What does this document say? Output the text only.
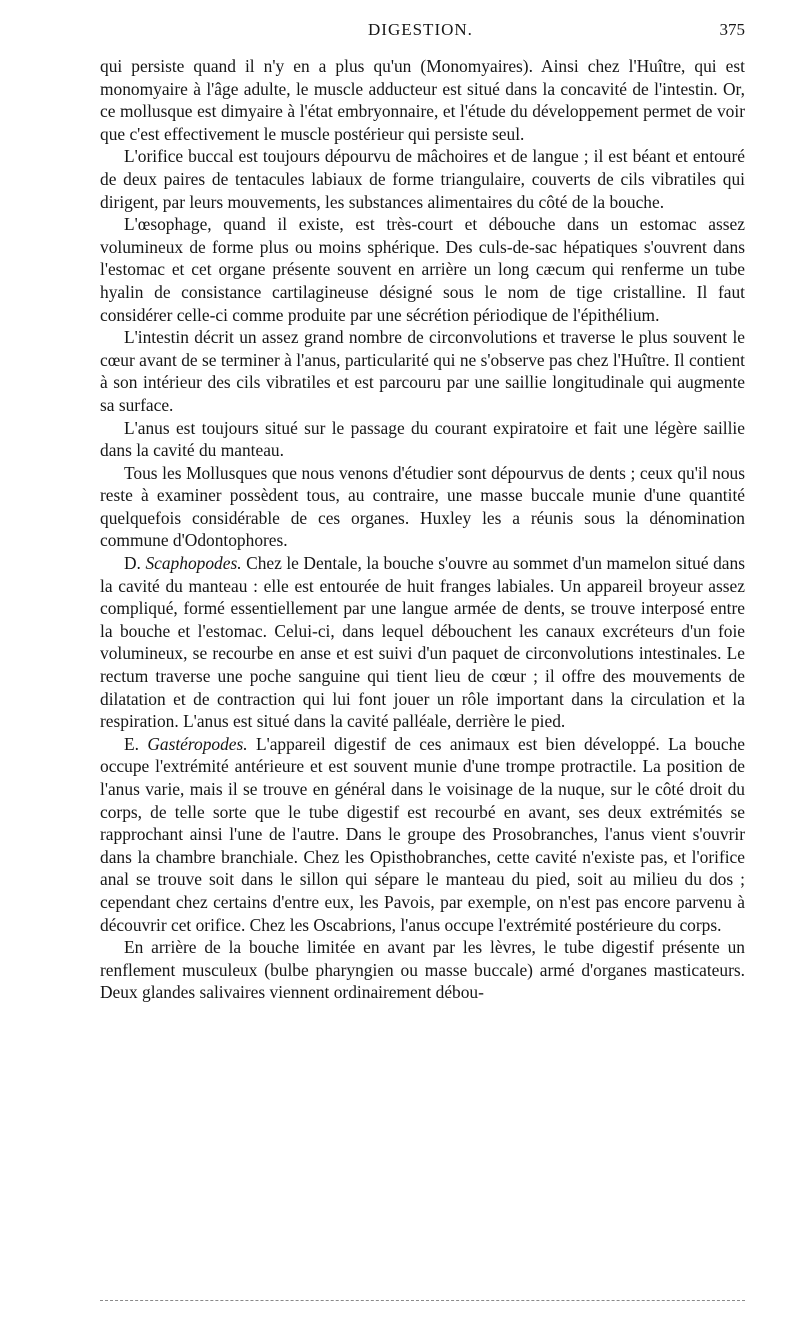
DIGESTION.	375

qui persiste quand il n'y en a plus qu'un (Monomyaires). Ainsi chez l'Huître, qui est monomyaire à l'âge adulte, le muscle adducteur est situé dans la concavité de l'intestin. Or, ce mollusque est dimyaire à l'état embryonnaire, et l'étude du développement permet de voir que c'est effectivement le muscle postérieur qui persiste seul.

L'orifice buccal est toujours dépourvu de mâchoires et de langue ; il est béant et entouré de deux paires de tentacules labiaux de forme triangulaire, couverts de cils vibratiles qui dirigent, par leurs mouvements, les substances alimentaires du côté de la bouche.

L'œsophage, quand il existe, est très-court et débouche dans un estomac assez volumineux de forme plus ou moins sphérique. Des culs-de-sac hépatiques s'ouvrent dans l'estomac et cet organe présente souvent en arrière un long cæcum qui renferme un tube hyalin de consistance cartilagineuse désigné sous le nom de tige cristalline. Il faut considérer celle-ci comme produite par une sécrétion périodique de l'épithélium.

L'intestin décrit un assez grand nombre de circonvolutions et traverse le plus souvent le cœur avant de se terminer à l'anus, particularité qui ne s'observe pas chez l'Huître. Il contient à son intérieur des cils vibratiles et est parcouru par une saillie longitudinale qui augmente sa surface.

L'anus est toujours situé sur le passage du courant expiratoire et fait une légère saillie dans la cavité du manteau.

Tous les Mollusques que nous venons d'étudier sont dépourvus de dents ; ceux qu'il nous reste à examiner possèdent tous, au contraire, une masse buccale munie d'une quantité quelquefois considérable de ces organes. Huxley les a réunis sous la dénomination commune d'Odontophores.

D. Scaphopodes. Chez le Dentale, la bouche s'ouvre au sommet d'un mamelon situé dans la cavité du manteau : elle est entourée de huit franges labiales. Un appareil broyeur assez compliqué, formé essentiellement par une langue armée de dents, se trouve interposé entre la bouche et l'estomac. Celui-ci, dans lequel débouchent les canaux excréteurs d'un foie volumineux, se recourbe en anse et est suivi d'un paquet de circonvolutions intestinales. Le rectum traverse une poche sanguine qui tient lieu de cœur ; il offre des mouvements de dilatation et de contraction qui lui font jouer un rôle important dans la circulation et la respiration. L'anus est situé dans la cavité palléale, derrière le pied.

E. Gastéropodes. L'appareil digestif de ces animaux est bien développé. La bouche occupe l'extrémité antérieure et est souvent munie d'une trompe protractile. La position de l'anus varie, mais il se trouve en général dans le voisinage de la nuque, sur le côté droit du corps, de telle sorte que le tube digestif est recourbé en avant, ses deux extrémités se rapprochant ainsi l'une de l'autre. Dans le groupe des Prosobranches, l'anus vient s'ouvrir dans la chambre branchiale. Chez les Opisthobranches, cette cavité n'existe pas, et l'orifice anal se trouve soit dans le sillon qui sépare le manteau du pied, soit au milieu du dos ; cependant chez certains d'entre eux, les Pavois, par exemple, on n'est pas encore parvenu à découvrir cet orifice. Chez les Oscabrions, l'anus occupe l'extrémité postérieure du corps.

En arrière de la bouche limitée en avant par les lèvres, le tube digestif présente un renflement musculeux (bulbe pharyngien ou masse buccale) armé d'organes masticateurs. Deux glandes salivaires viennent ordinairement débou-
